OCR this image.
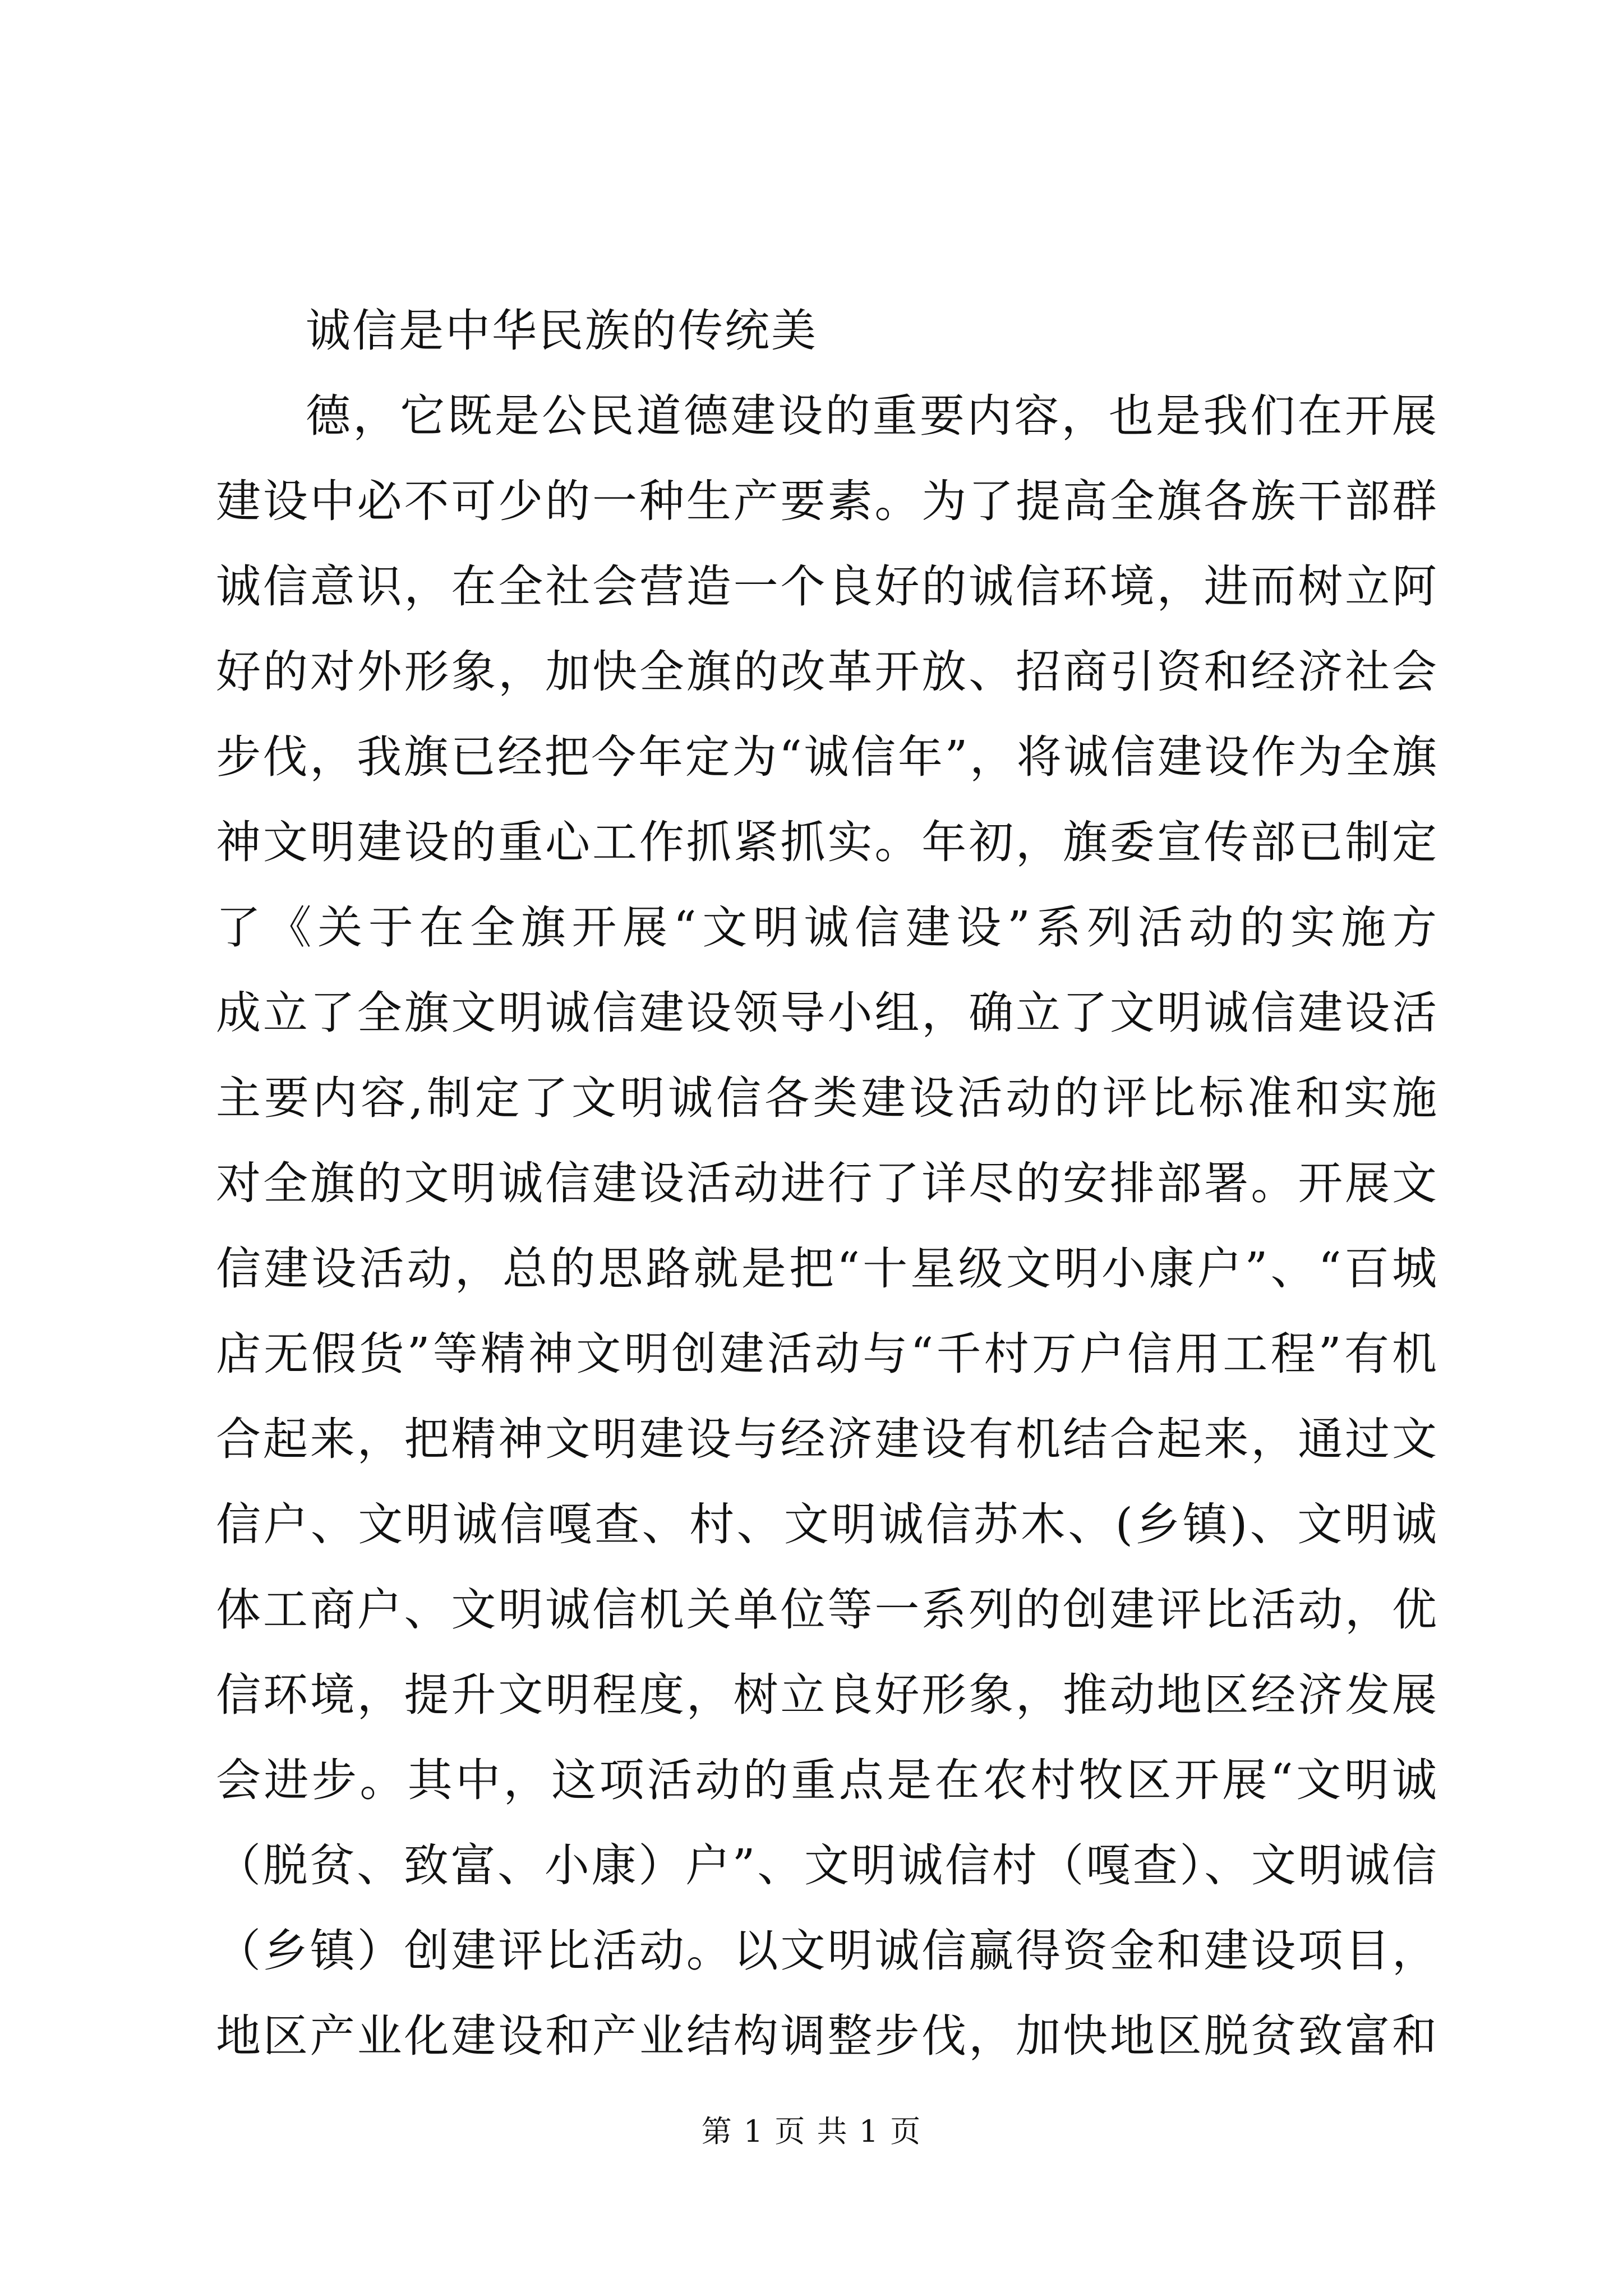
诚信是中华民族的传统美

德，它既是公民道德建设的重要内容，也是我们在开展

建设中必不可少的一种生产要素。为了提高全旗各族干部群

诚信意识，在全社会营造一个良好的诚信环境，进而树立阿

好的对外形象，加快全旗的改革开放、招商引资和经济社会

步伐，我旗已经把今年定为“诚信年”，将诚信建设作为全旗

神文明建设的重心工作抓紧抓实。年初，旗委宣传部已制定

了《关于在全旗开展“文明诚信建设”系列活动的实施方

成立了全旗文明诚信建设领导小组，确立了文明诚信建设活

主要内容,制定了文明诚信各类建设活动的评比标准和实施

对全旗的文明诚信建设活动进行了详尽的安排部署。开展文

信建设活动，总的思路就是把“十星级文明小康户”、“百城

店无假货”等精神文明创建活动与“千村万户信用工程”有机

合起来，把精神文明建设与经济建设有机结合起来，通过文

信户、文明诚信嘎查、村、文明诚信苏木、(乡镇)、文明诚

体工商户、文明诚信机关单位等一系列的创建评比活动，优

信环境，提升文明程度，树立良好形象，推动地区经济发展

会进步。其中，这项活动的重点是在农村牧区开展“文明诚

（脱贫、致富、小康）户”、文明诚信村（嘎查）、文明诚信

（乡镇）创建评比活动。以文明诚信赢得资金和建设项目，

地区产业化建设和产业结构调整步伐，加快地区脱贫致富和

第 1 页 共 1 页
